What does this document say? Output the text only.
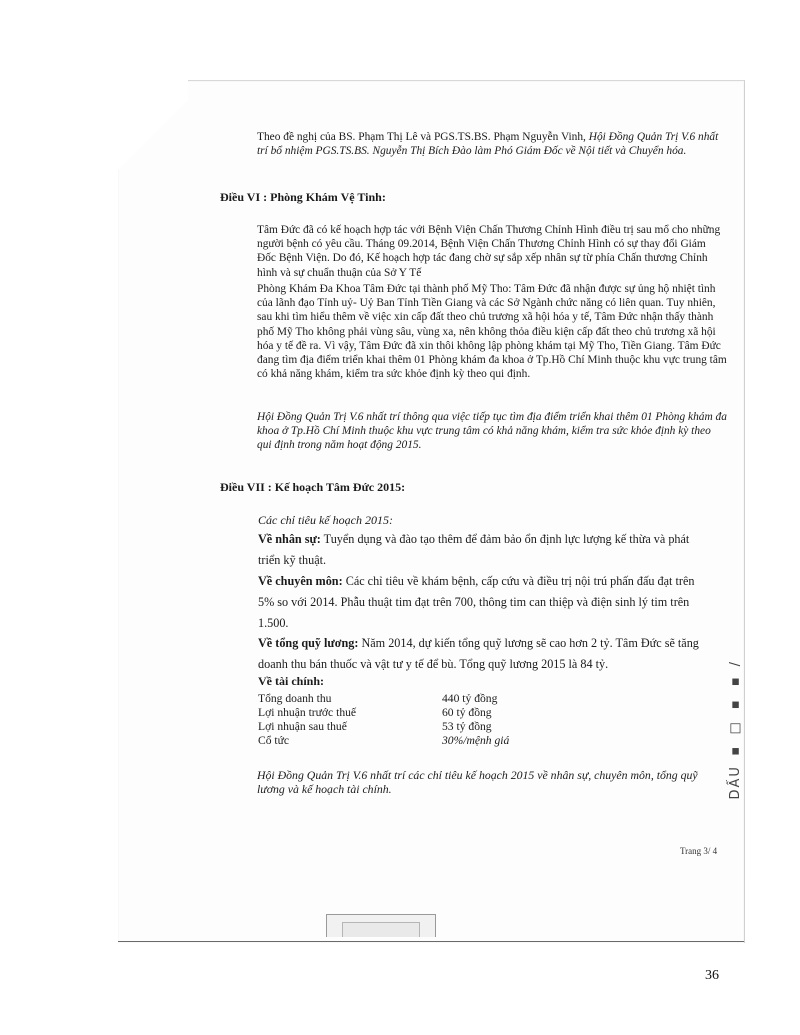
DẤU ▪ □ ▪ ▪ /

Theo đề nghị của BS. Phạm Thị Lê và PGS.TS.BS. Phạm Nguyễn Vinh, Hội Đồng Quản Trị V.6 nhất trí bổ nhiệm PGS.TS.BS. Nguyễn Thị Bích Đào làm Phó Giám Đốc về Nội tiết và Chuyển hóa.

Điều VI : Phòng Khám Vệ Tinh:

Tâm Đức đã có kế hoạch hợp tác với Bệnh Viện Chấn Thương Chỉnh Hình điều trị sau mổ cho những người bệnh có yêu cầu. Tháng 09.2014, Bệnh Viện Chấn Thương Chỉnh Hình có sự thay đổi Giám Đốc Bệnh Viện. Do đó, Kế hoạch hợp tác đang chờ sự sắp xếp nhân sự từ phía Chấn thương Chỉnh hình và sự chuẩn thuận của Sở Y Tế

Phòng Khám Đa Khoa Tâm Đức tại thành phố Mỹ Tho: Tâm Đức đã nhận được sự ủng hộ nhiệt tình của lãnh đạo Tỉnh uỷ- Uỷ Ban Tỉnh Tiền Giang và các Sở Ngành chức năng có liên quan. Tuy nhiên, sau khi tìm hiểu thêm về việc xin cấp đất theo chủ trương xã hội hóa y tế, Tâm Đức nhận thấy thành phố Mỹ Tho không phải vùng sâu, vùng xa, nên không thỏa điều kiện cấp đất theo chủ trương xã hội hóa y tế đề ra. Vì vậy, Tâm Đức đã xin thôi không lập phòng khám tại Mỹ Tho, Tiền Giang. Tâm Đức đang tìm địa điểm triển khai thêm 01 Phòng khám đa khoa ở Tp.Hồ Chí Minh thuộc khu vực trung tâm có khả năng khám, kiểm tra sức khỏe định kỳ theo qui định.

Hội Đồng Quản Trị V.6 nhất trí thông qua việc tiếp tục tìm địa điểm triển khai thêm 01 Phòng khám đa khoa ở Tp.Hồ Chí Minh thuộc khu vực trung tâm có khả năng khám, kiểm tra sức khỏe định kỳ theo qui định trong năm hoạt động 2015.

Điều VII : Kế hoạch Tâm Đức 2015:

Các chỉ tiêu kế hoạch 2015:

Về nhân sự: Tuyển dụng và đào tạo thêm để đảm bảo ổn định lực lượng kế thừa và phát triển kỹ thuật.

Về chuyên môn: Các chỉ tiêu về khám bệnh, cấp cứu và điều trị nội trú phấn đấu đạt trên 5% so với 2014. Phẫu thuật tim đạt trên 700, thông tim can thiệp và điện sinh lý tim trên 1.500.

Về tổng quỹ lương: Năm 2014, dự kiến tổng quỹ lương sẽ cao hơn 2 tỷ. Tâm Đức sẽ tăng doanh thu bán thuốc và vật tư y tế để bù. Tổng quỹ lương 2015 là 84 tỷ.

Về tài chính:

Tổng doanh thu	440 tỷ đồng
Lợi nhuận trước thuế	60 tỷ đồng
Lợi nhuận sau thuế	53 tỷ đồng
Cổ tức	30%/mệnh giá

Hội Đồng Quản Trị V.6 nhất trí các chỉ tiêu kế hoạch 2015 về nhân sự, chuyên môn, tổng quỹ lương và kế hoạch tài chính.

Trang 3/ 4
36
